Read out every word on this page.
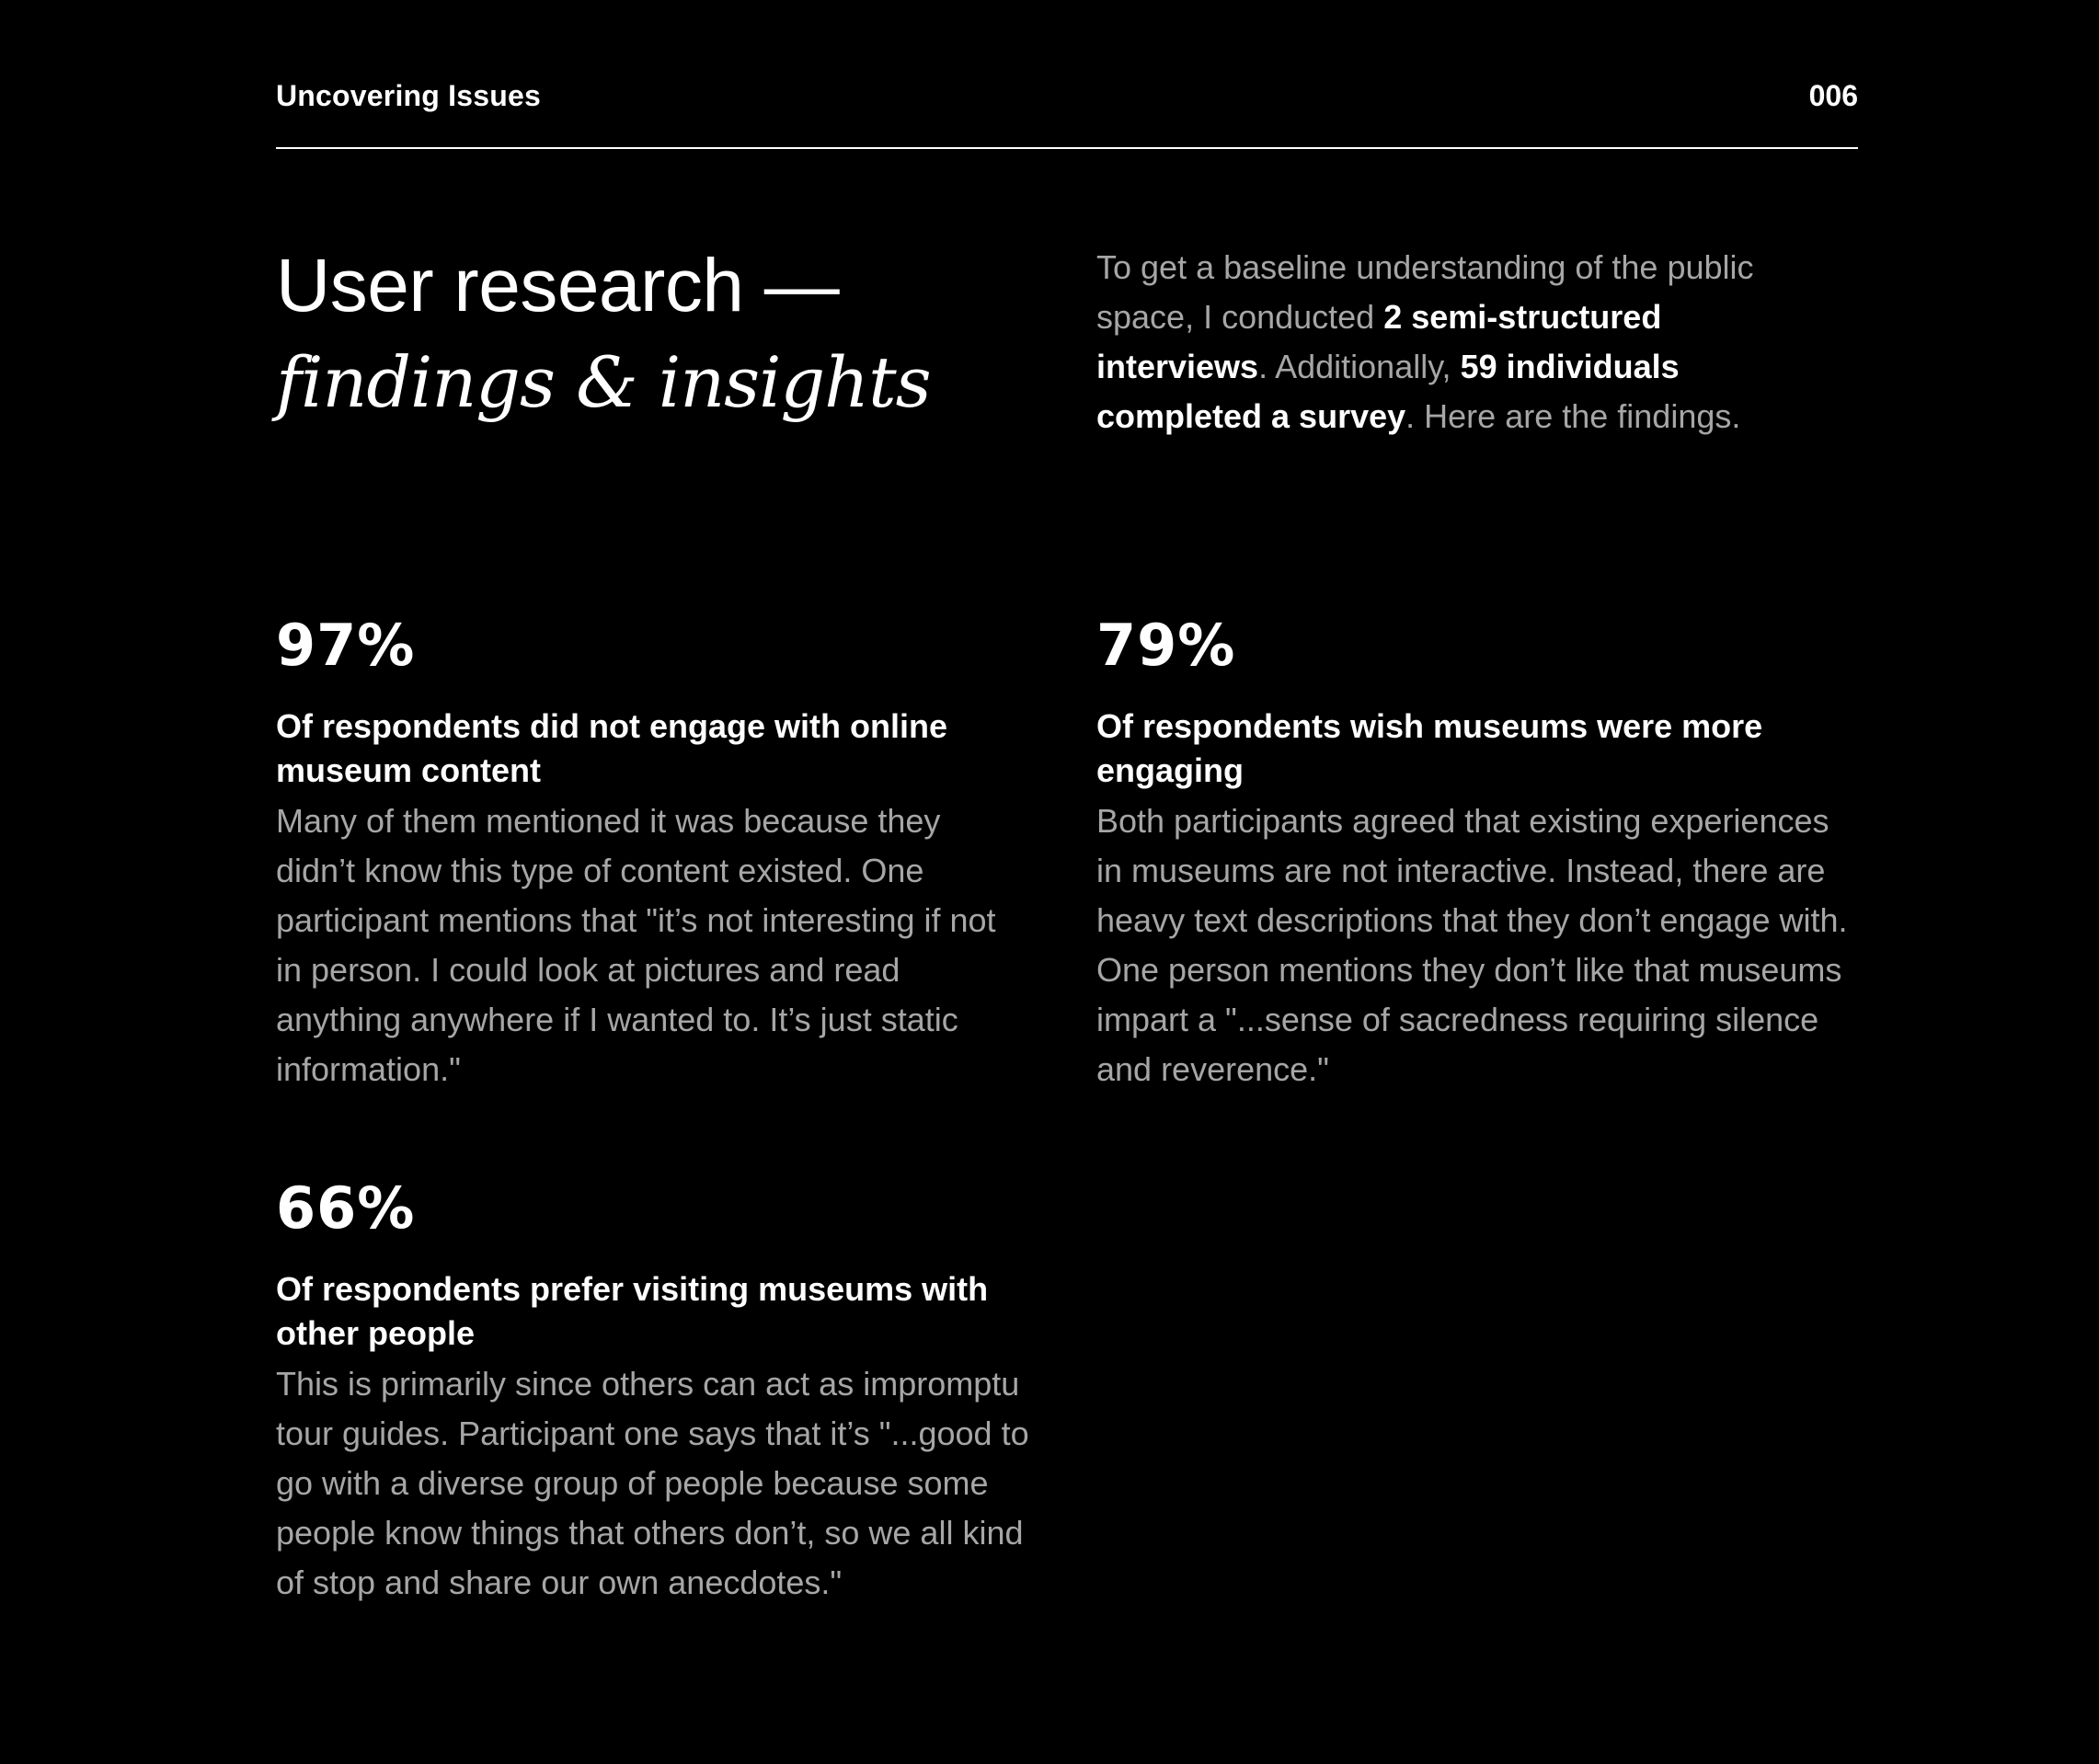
Uncovering Issues	006
User research —
findings & insights

To get a baseline understanding of the public space, I conducted 2 semi-structured interviews. Additionally, 59 individuals completed a survey. Here are the findings.

97%
Of respondents did not engage with online museum content
Many of them mentioned it was because they didn’t know this type of content existed. One participant mentions that "it’s not interesting if not in person. I could look at pictures and read anything anywhere if I wanted to. It’s just static information."
79%
Of respondents wish museums were more engaging
Both participants agreed that existing experiences in museums are not interactive. Instead, there are heavy text descriptions that they don’t engage with. One person mentions they don’t like that museums impart a "...sense of sacredness requiring silence and reverence."
66%
Of respondents prefer visiting museums with other people
This is primarily since others can act as impromptu tour guides. Participant one says that it’s "...good to go with a diverse group of people because some people know things that others don’t, so we all kind of stop and share our own anecdotes."
